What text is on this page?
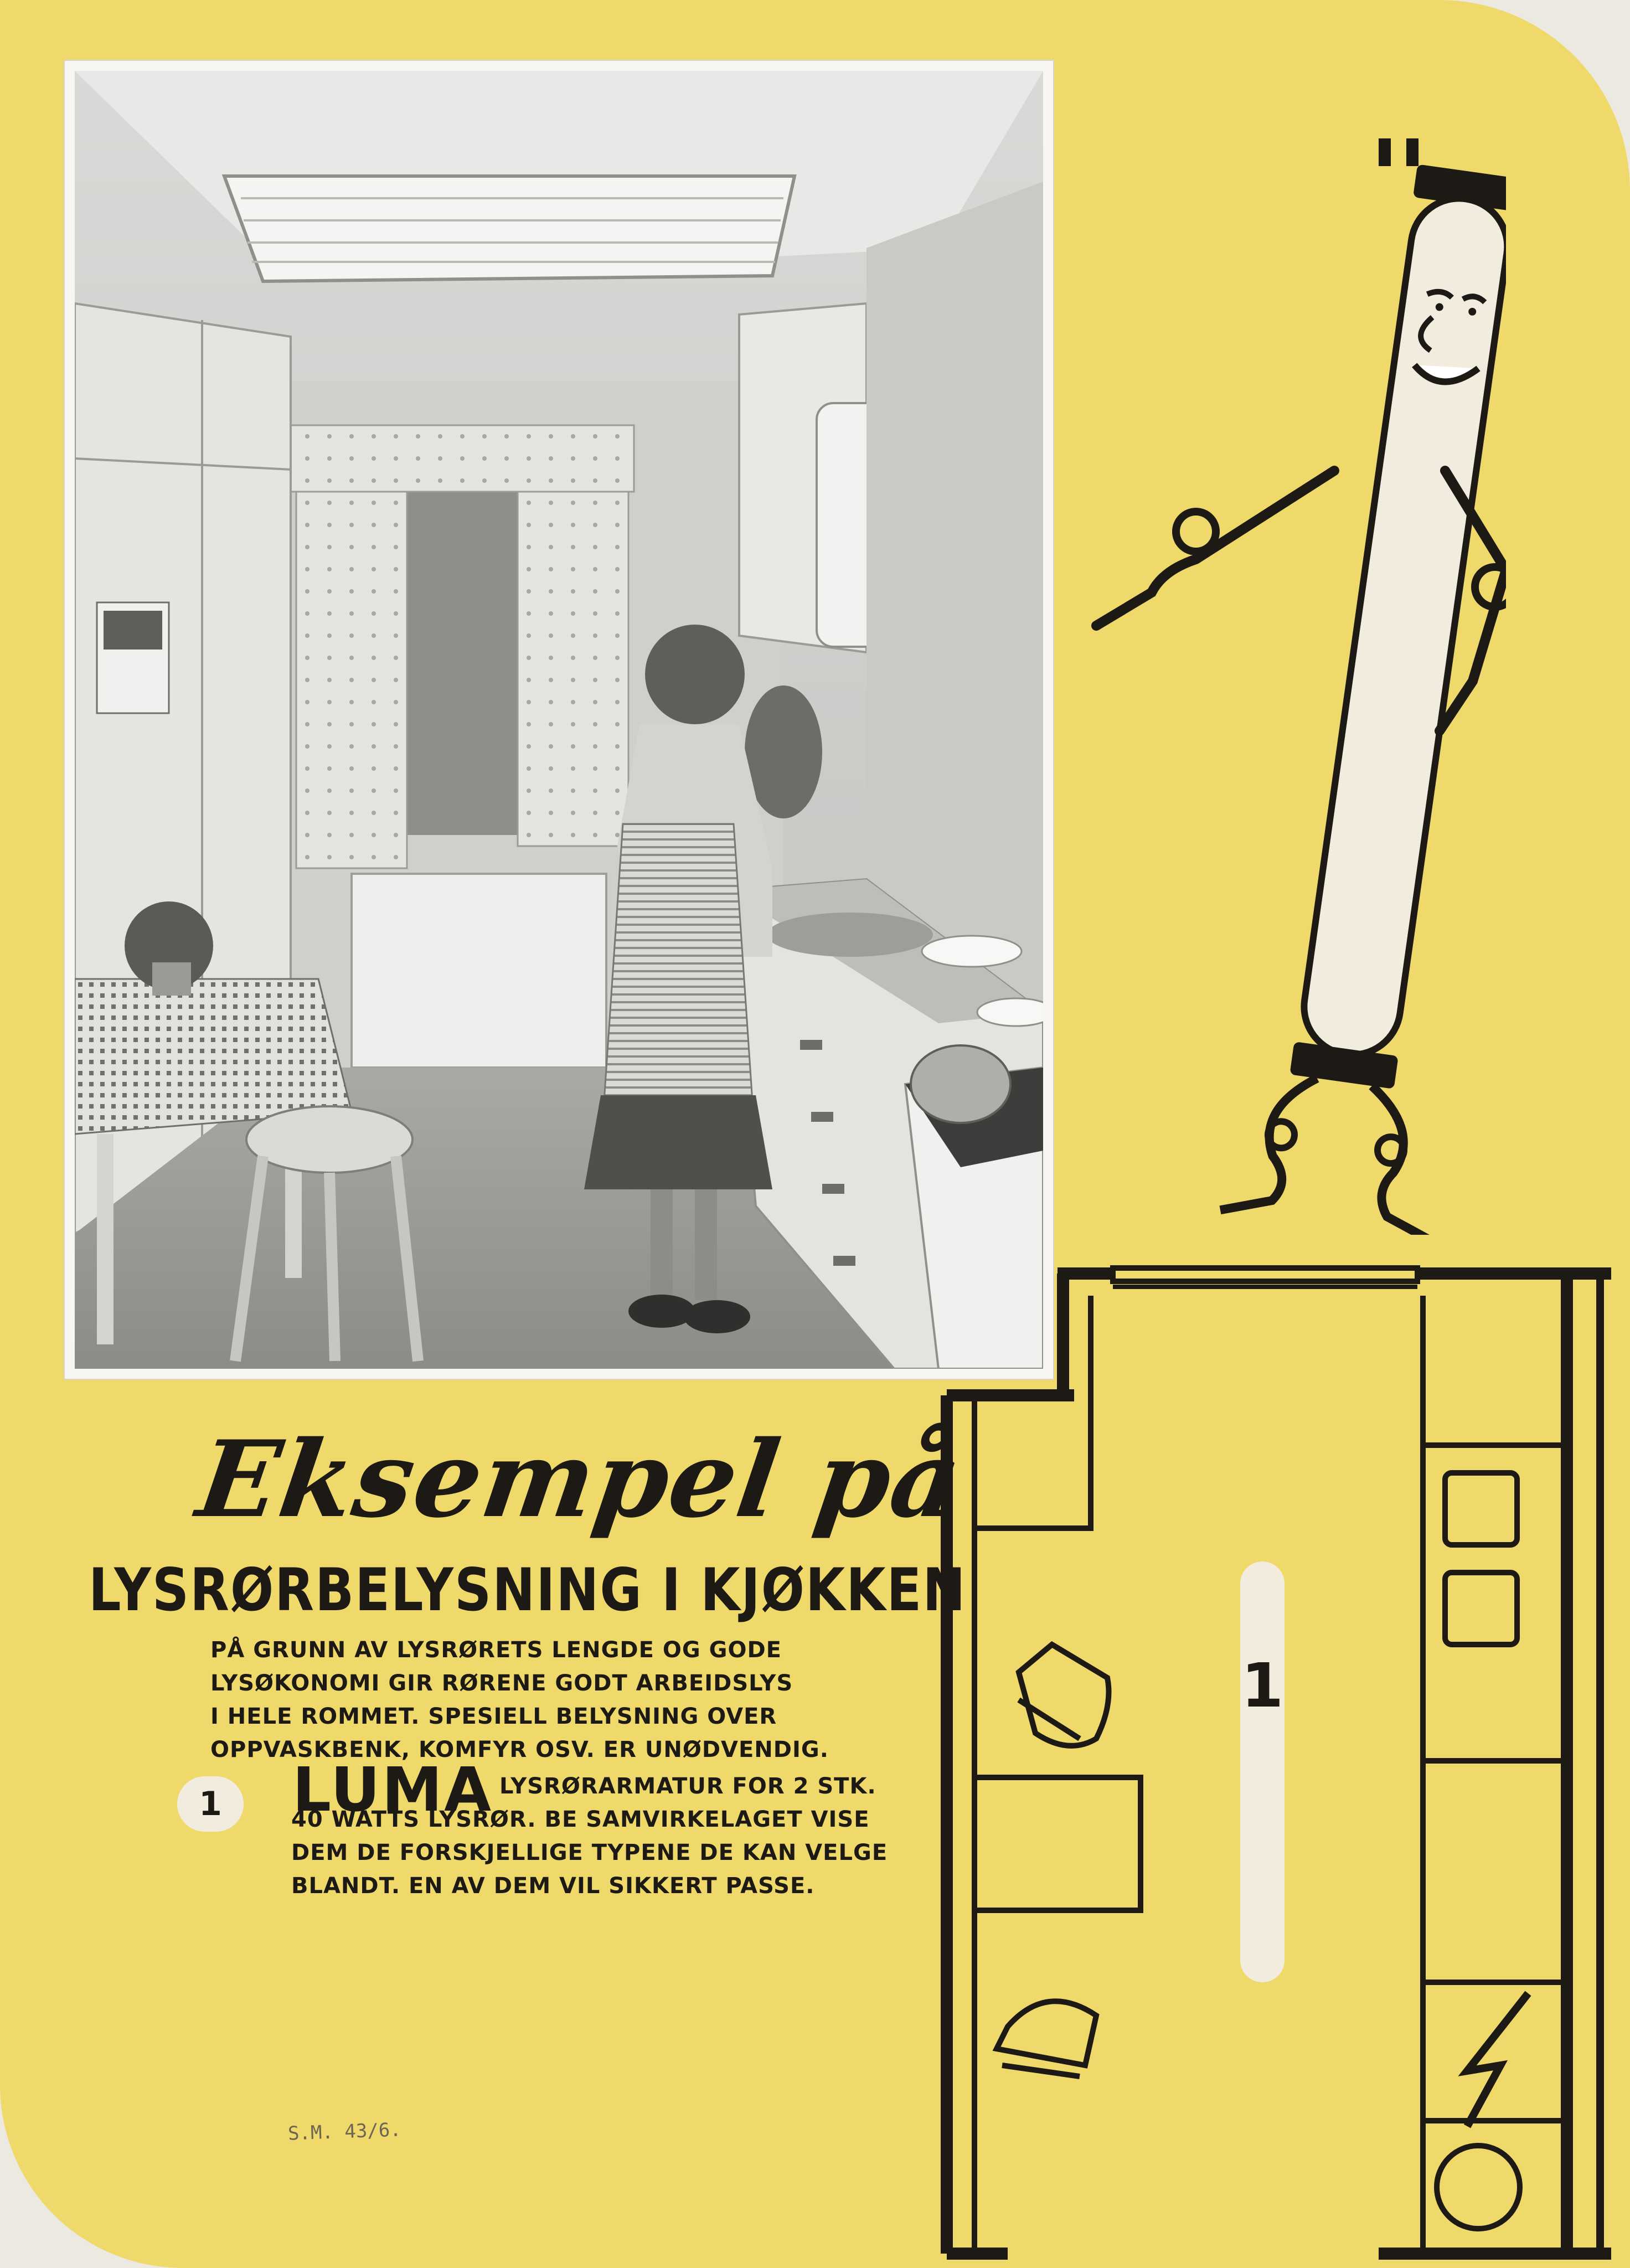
1
Eksempel på
LYSRØRBELYSNING I KJØKKEN
PÅ GRUNN AV LYSRØRETS LENGDE OG GODE
LYSØKONOMI GIR RØRENE GODT ARBEIDSLYS
I HELE ROMMET. SPESIELL BELYSNING OVER
OPPVASKBENK, KOMFYR OSV. ER UNØDVENDIG.
1	LUMA LYSRØRARMATUR FOR 2 STK.
40 WATTS LYSRØR. BE SAMVIRKELAGET VISE
DEM DE FORSKJELLIGE TYPENE DE KAN VELGE
BLANDT. EN AV DEM VIL SIKKERT PASSE.
S.M. 43/6.
